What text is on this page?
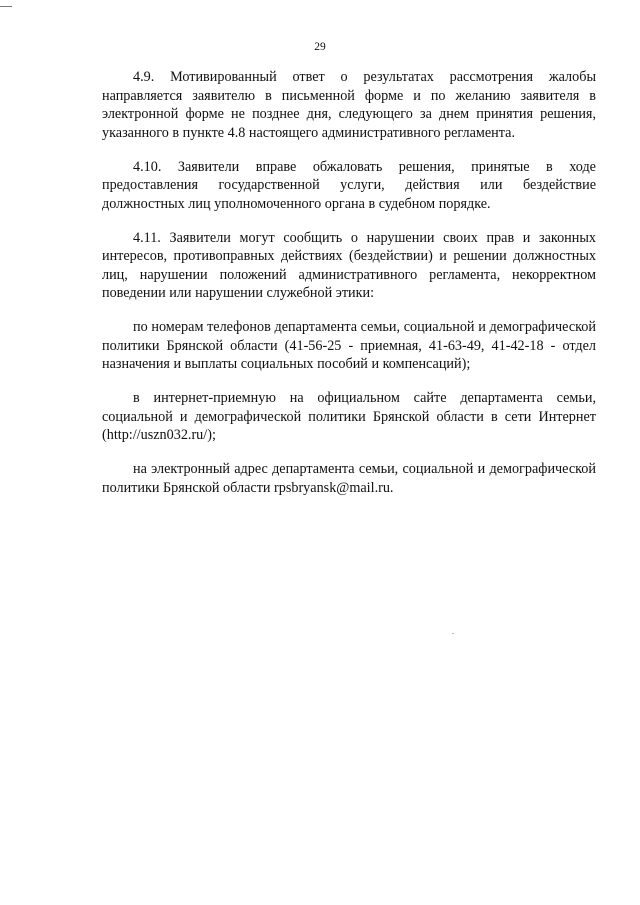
29

4.9. Мотивированный ответ о результатах рассмотрения жалобы направляется заявителю в письменной форме и по желанию заявителя в электронной форме не позднее дня, следующего за днем принятия решения, указанного в пункте 4.8 настоящего административного регламента.

4.10. Заявители вправе обжаловать решения, принятые в ходе предоставления государственной услуги, действия или бездействие должностных лиц уполномоченного органа в судебном порядке.

4.11. Заявители могут сообщить о нарушении своих прав и законных интересов, противоправных действиях (бездействии) и решении должностных лиц, нарушении положений административного регламента, некорректном поведении или нарушении служебной этики:

по номерам телефонов департамента семьи, социальной и демографической политики Брянской области (41-56-25 - приемная, 41-63-49, 41-42-18 - отдел назначения и выплаты социальных пособий и компенсаций);

в интернет-приемную на официальном сайте департамента семьи, социальной и демографической политики Брянской области в сети Интернет (http://uszn032.ru/);

на электронный адрес департамента семьи, социальной и демографической политики Брянской области rpsbryansk@mail.ru.
